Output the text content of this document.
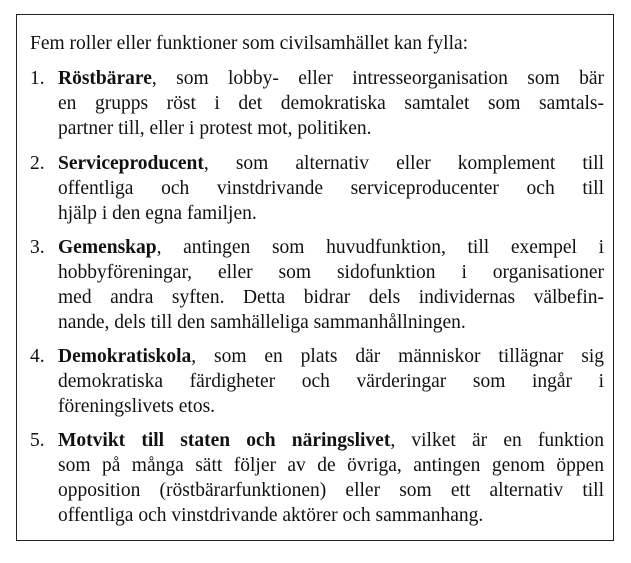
Fem roller eller funktioner som civilsamhället kan fylla:
1. Röstbärare, som lobby- eller intresseorganisation som bär
en grupps röst i det demokratiska samtalet som samtals-
partner till, eller i protest mot, politiken.
2. Serviceproducent, som alternativ eller komplement till
offentliga och vinstdrivande serviceproducenter och till
hjälp i den egna familjen.
3. Gemenskap, antingen som huvudfunktion, till exempel i
hobbyföreningar, eller som sidofunktion i organisationer
med andra syften. Detta bidrar dels individernas välbefin-
nande, dels till den samhälleliga sammanhållningen.
4. Demokratiskola, som en plats där människor tillägnar sig
demokratiska färdigheter och värderingar som ingår i
föreningslivets etos.
5. Motvikt till staten och näringslivet, vilket är en funktion
som på många sätt följer av de övriga, antingen genom öppen
opposition (röstbärarfunktionen) eller som ett alternativ till
offentliga och vinstdrivande aktörer och sammanhang.
